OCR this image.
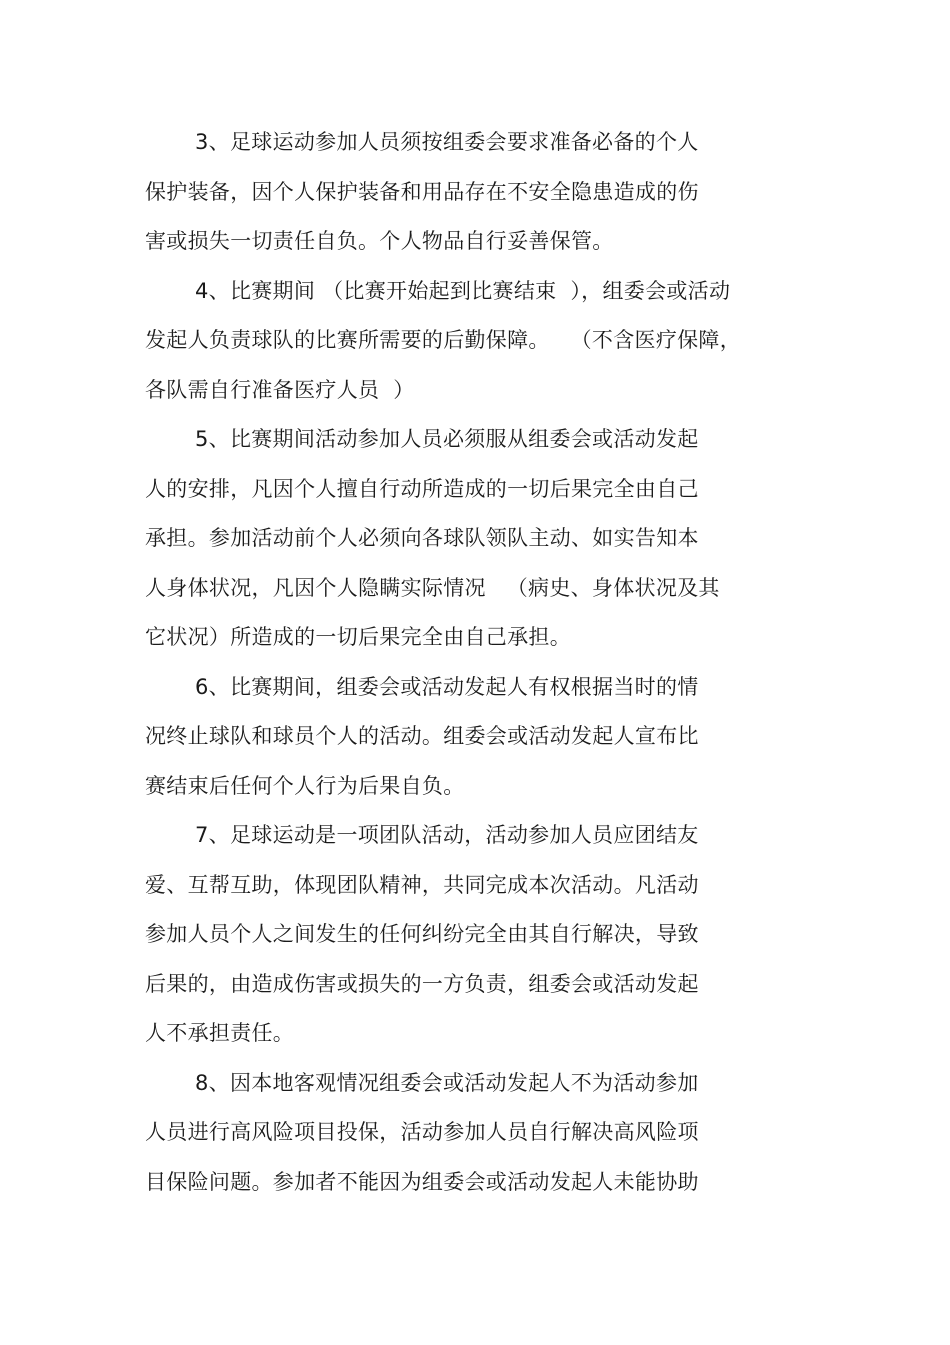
3、足球运动参加人员须按组委会要求准备必备的个人
保护装备，因个人保护装备和用品存在不安全隐患造成的伤
害或损失一切责任自负。个人物品自行妥善保管。
4、比赛期间 （比赛开始起到比赛结束  ），组委会或活动
发起人负责球队的比赛所需要的后勤保障。   （不含医疗保障，
各队需自行准备医疗人员  ）
5、比赛期间活动参加人员必须服从组委会或活动发起
人的安排，凡因个人擅自行动所造成的一切后果完全由自己
承担。参加活动前个人必须向各球队领队主动、如实告知本
人身体状况，凡因个人隐瞒实际情况   （病史、身体状况及其
它状况）所造成的一切后果完全由自己承担。
6、比赛期间，组委会或活动发起人有权根据当时的情
况终止球队和球员个人的活动。组委会或活动发起人宣布比
赛结束后任何个人行为后果自负。
7、足球运动是一项团队活动，活动参加人员应团结友
爱、互帮互助，体现团队精神，共同完成本次活动。凡活动
参加人员个人之间发生的任何纠纷完全由其自行解决，导致
后果的，由造成伤害或损失的一方负责，组委会或活动发起
人不承担责任。
8、因本地客观情况组委会或活动发起人不为活动参加
人员进行高风险项目投保，活动参加人员自行解决高风险项
目保险问题。参加者不能因为组委会或活动发起人未能协助
